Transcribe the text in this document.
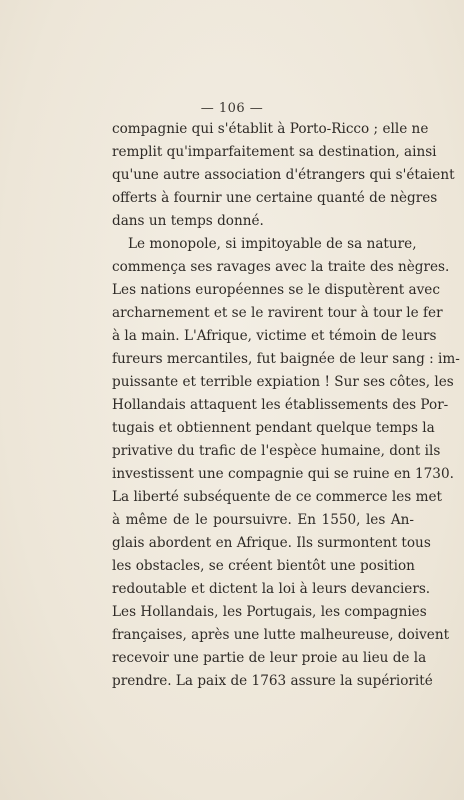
— 106 —
compagnie qui s'établit à Porto-Ricco ; elle ne
remplit qu'imparfaitement sa destination, ainsi
qu'une autre association d'étrangers qui s'étaient
offerts à fournir une certaine quanté de nègres
dans un temps donné.
Le monopole, si impitoyable de sa nature,
commença ses ravages avec la traite des nègres.
Les nations européennes se le disputèrent avec
archarnement et se le ravirent tour à tour le fer
à la main. L'Afrique, victime et témoin de leurs
fureurs mercantiles, fut baignée de leur sang : im-
puissante et terrible expiation ! Sur ses côtes, les
Hollandais attaquent les établissements des Por-
tugais et obtiennent pendant quelque temps la
privative du trafic de l'espèce humaine, dont ils
investissent une compagnie qui se ruine en 1730.
La liberté subséquente de ce commerce les met
à même de le poursuivre. En 1550, les An-
glais abordent en Afrique. Ils surmontent tous
les obstacles, se créent bientôt une position
redoutable et dictent la loi à leurs devanciers.
Les Hollandais, les Portugais, les compagnies
françaises, après une lutte malheureuse, doivent
recevoir une partie de leur proie au lieu de la
prendre. La paix de 1763 assure la supériorité
